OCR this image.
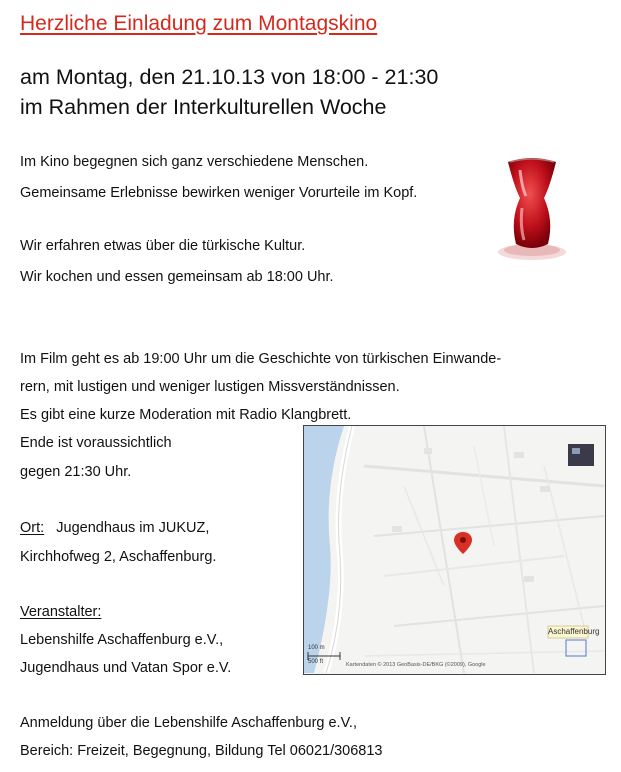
Herzliche Einladung zum Montagskino
am Montag, den 21.10.13 von 18:00 - 21:30
im Rahmen der Interkulturellen Woche
Im Kino begegnen sich ganz verschiedene Menschen.
Gemeinsame Erlebnisse bewirken weniger Vorurteile im Kopf.
Wir erfahren etwas über die türkische Kultur.
Wir kochen und essen gemeinsam ab 18:00 Uhr.
Im Film geht es ab 19:00 Uhr um die Geschichte von türkischen Einwande-
rern, mit lustigen und weniger lustigen Missverständnissen.
Es gibt eine kurze Moderation mit Radio Klangbrett.
Ende ist voraussichtlich
gegen 21:30 Uhr.
Ort: Jugendhaus im JUKUZ,
Kirchhofweg 2, Aschaffenburg.
Veranstalter:
Lebenshilfe Aschaffenburg e.V.,
Jugendhaus und Vatan Spor e.V.
Anmeldung über die Lebenshilfe Aschaffenburg e.V.,
Bereich: Freizeit, Begegnung, Bildung Tel 06021/306813
Aschaffenburg
100 m
500 ft	Kartendaten © 2013 GeoBasis-DE/BKG (©2009), Google
